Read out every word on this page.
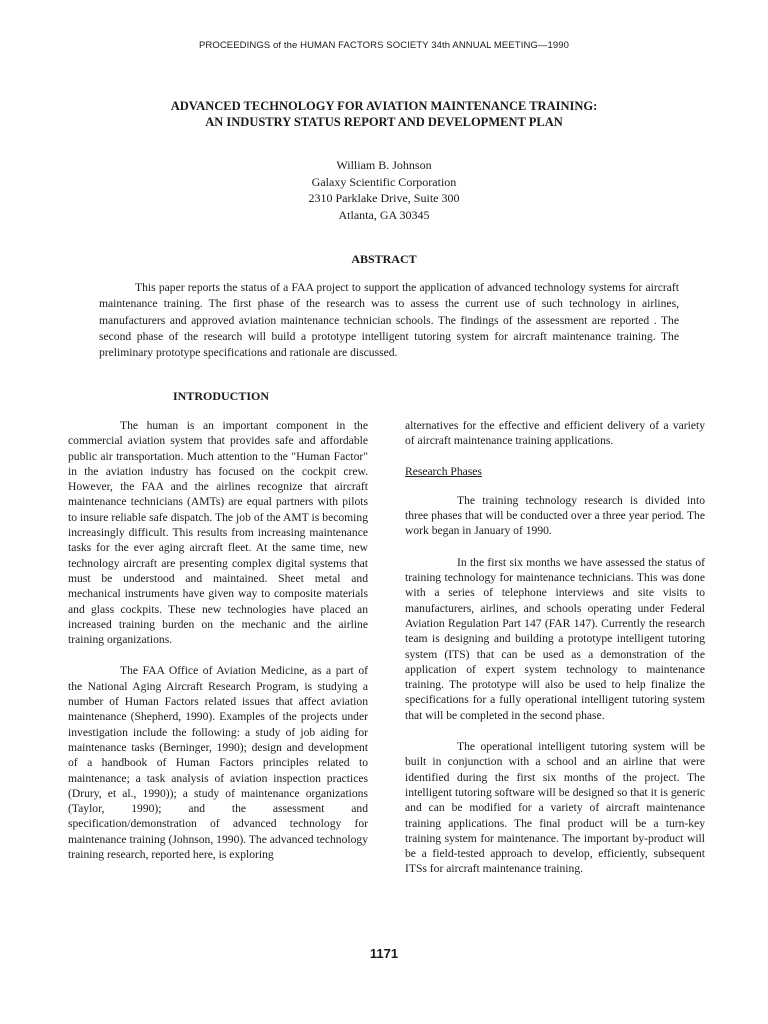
PROCEEDINGS of the HUMAN FACTORS SOCIETY 34th ANNUAL MEETING—1990
ADVANCED TECHNOLOGY FOR AVIATION MAINTENANCE TRAINING:
AN INDUSTRY STATUS REPORT AND DEVELOPMENT PLAN
William B. Johnson
Galaxy Scientific Corporation
2310 Parklake Drive, Suite 300
Atlanta, GA 30345
ABSTRACT

This paper reports the status of a FAA project to support the application of advanced technology systems for aircraft maintenance training. The first phase of the research was to assess the current use of such technology in airlines, manufacturers and approved aviation maintenance technician schools. The findings of the assessment are reported . The second phase of the research will build a prototype intelligent tutoring system for aircraft maintenance training. The preliminary prototype specifications and rationale are discussed.

INTRODUCTION

The human is an important component in the commercial aviation system that provides safe and affordable public air transportation. Much attention to the "Human Factor" in the aviation industry has focused on the cockpit crew. However, the FAA and the airlines recognize that aircraft maintenance technicians (AMTs) are equal partners with pilots to insure reliable safe dispatch. The job of the AMT is becoming increasingly difficult. This results from increasing maintenance tasks for the ever aging aircraft fleet. At the same time, new technology aircraft are presenting complex digital systems that must be understood and maintained. Sheet metal and mechanical instruments have given way to composite materials and glass cockpits. These new technologies have placed an increased training burden on the mechanic and the airline training organizations.

The FAA Office of Aviation Medicine, as a part of the National Aging Aircraft Research Program, is studying a number of Human Factors related issues that affect aviation maintenance (Shepherd, 1990). Examples of the projects under investigation include the following: a study of job aiding for maintenance tasks (Berninger, 1990); design and development of a handbook of Human Factors principles related to maintenance; a task analysis of aviation inspection practices (Drury, et al., 1990)); a study of maintenance organizations (Taylor, 1990); and the assessment and specification/demonstration of advanced technology for maintenance training (Johnson, 1990). The advanced technology training research, reported here, is exploring

alternatives for the effective and efficient delivery of a variety of aircraft maintenance training applications.

Research Phases

The training technology research is divided into three phases that will be conducted over a three year period. The work began in January of 1990.

In the first six months we have assessed the status of training technology for maintenance technicians. This was done with a series of telephone interviews and site visits to manufacturers, airlines, and schools operating under Federal Aviation Regulation Part 147 (FAR 147). Currently the research team is designing and building a prototype intelligent tutoring system (ITS) that can be used as a demonstration of the application of expert system technology to maintenance training. The prototype will also be used to help finalize the specifications for a fully operational intelligent tutoring system that will be completed in the second phase.

The operational intelligent tutoring system will be built in conjunction with a school and an airline that were identified during the first six months of the project. The intelligent tutoring software will be designed so that it is generic and can be modified for a variety of aircraft maintenance training applications. The final product will be a turn-key training system for maintenance. The important by-product will be a field-tested approach to develop, efficiently, subsequent ITSs for aircraft maintenance training.

1171
